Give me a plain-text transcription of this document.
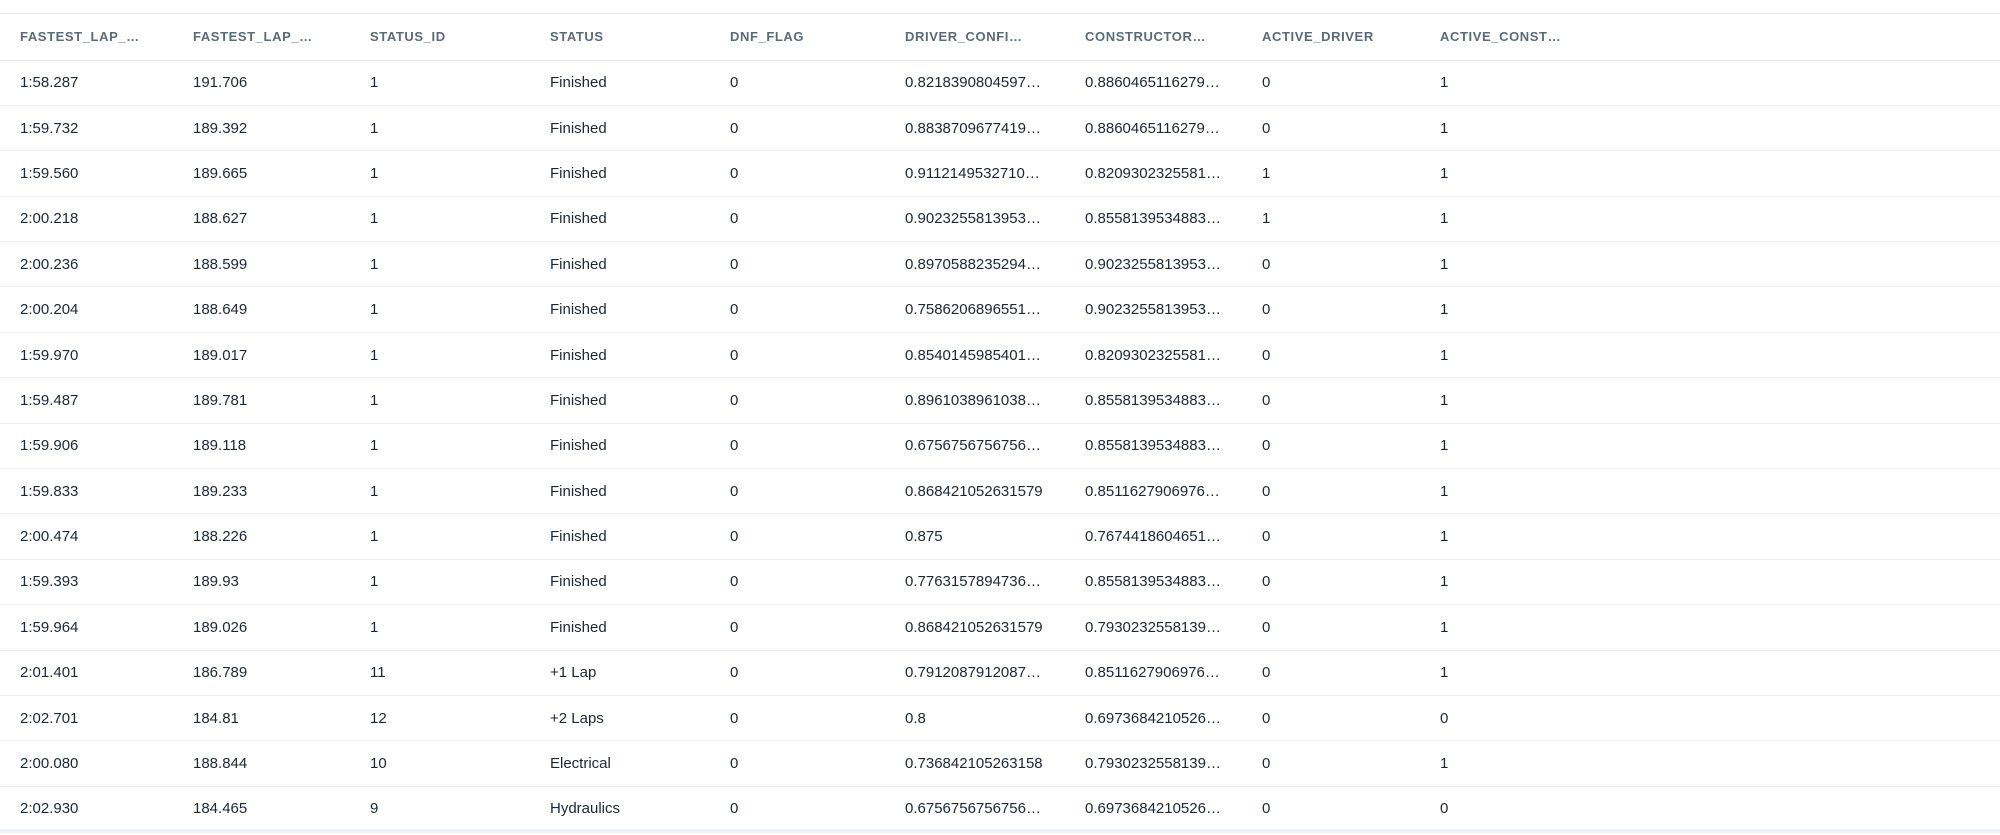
FASTEST_LAP_…	FASTEST_LAP_…	STATUS_ID	STATUS	DNF_FLAG	DRIVER_CONFI…	CONSTRUCTOR…	ACTIVE_DRIVER	ACTIVE_CONST…
1:58.287	191.706	1	Finished	0	0.8218390804597…	0.8860465116279…	0	1
1:59.732	189.392	1	Finished	0	0.8838709677419…	0.8860465116279…	0	1
1:59.560	189.665	1	Finished	0	0.9112149532710…	0.8209302325581…	1	1
2:00.218	188.627	1	Finished	0	0.9023255813953…	0.8558139534883…	1	1
2:00.236	188.599	1	Finished	0	0.8970588235294…	0.9023255813953…	0	1
2:00.204	188.649	1	Finished	0	0.7586206896551…	0.9023255813953…	0	1
1:59.970	189.017	1	Finished	0	0.8540145985401…	0.8209302325581…	0	1
1:59.487	189.781	1	Finished	0	0.8961038961038…	0.8558139534883…	0	1
1:59.906	189.118	1	Finished	0	0.6756756756756…	0.8558139534883…	0	1
1:59.833	189.233	1	Finished	0	0.868421052631579	0.8511627906976…	0	1
2:00.474	188.226	1	Finished	0	0.875	0.7674418604651…	0	1
1:59.393	189.93	1	Finished	0	0.7763157894736…	0.8558139534883…	0	1
1:59.964	189.026	1	Finished	0	0.868421052631579	0.7930232558139…	0	1
2:01.401	186.789	11	+1 Lap	0	0.7912087912087…	0.8511627906976…	0	1
2:02.701	184.81	12	+2 Laps	0	0.8	0.6973684210526…	0	0
2:00.080	188.844	10	Electrical	0	0.736842105263158	0.7930232558139…	0	1
2:02.930	184.465	9	Hydraulics	0	0.6756756756756…	0.6973684210526…	0	0
